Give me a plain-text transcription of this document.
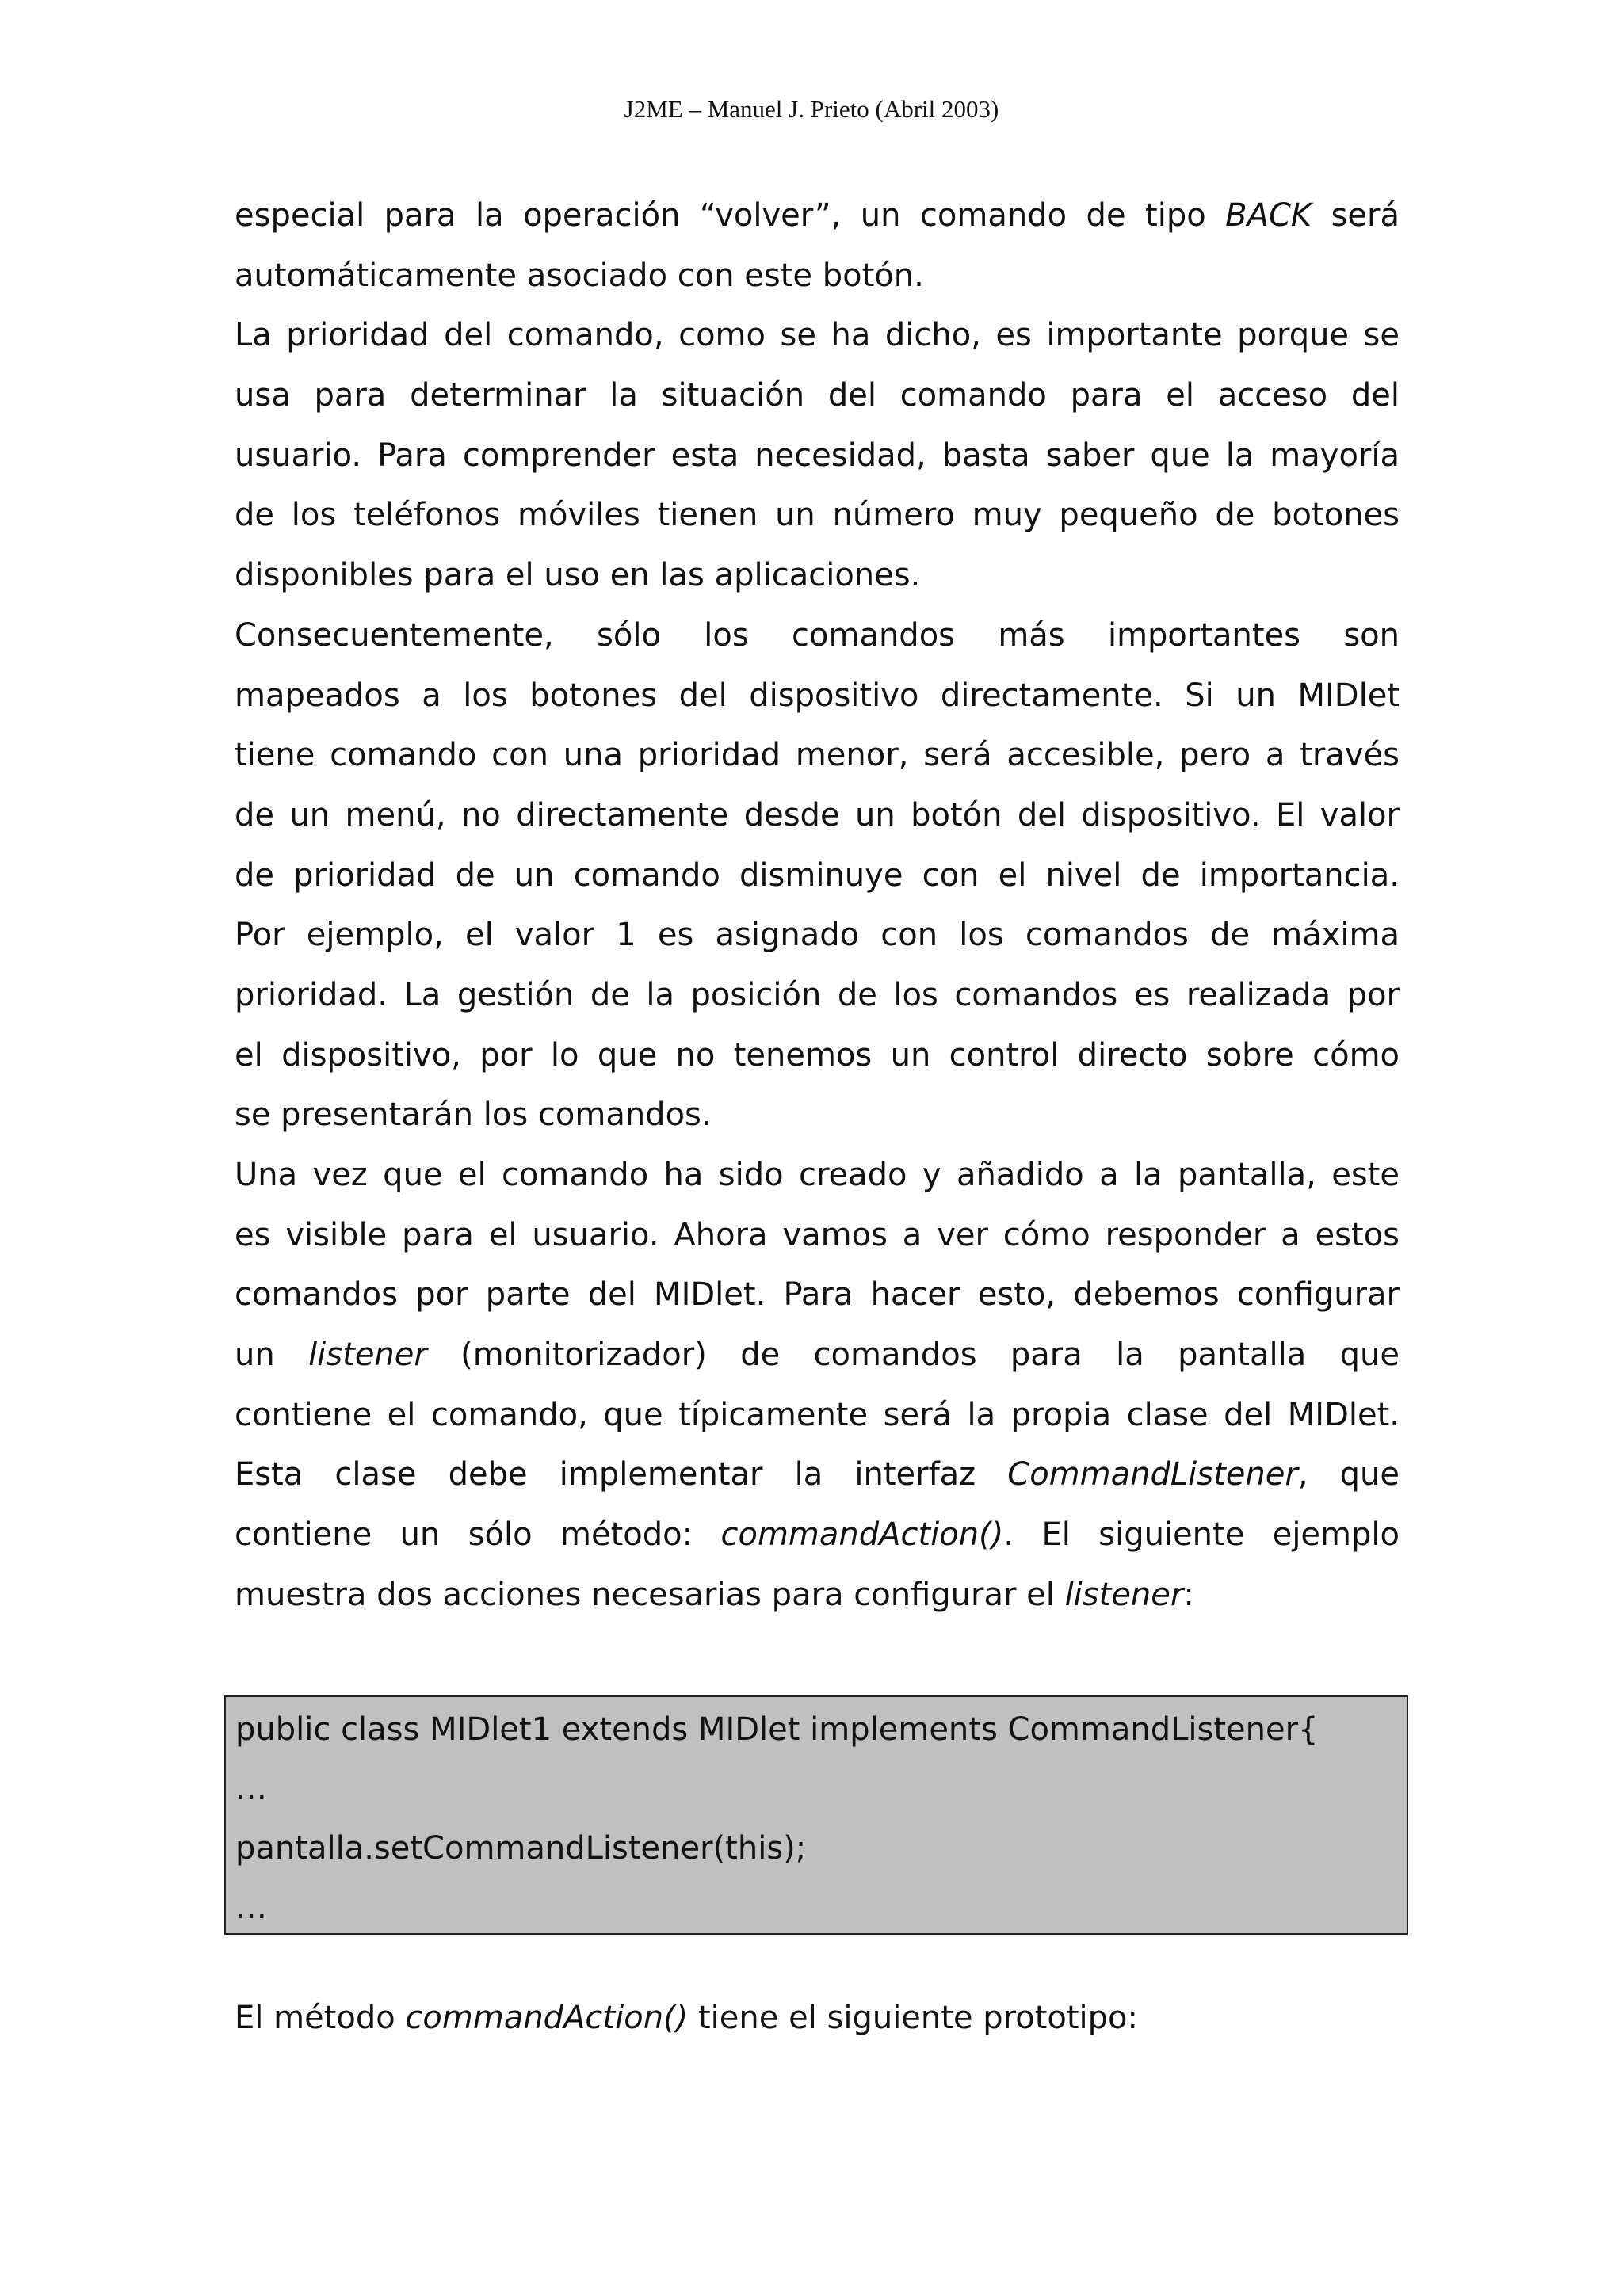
J2ME – Manuel J. Prieto (Abril 2003)
especial para la operación “volver”, un comando de tipo BACK será
automáticamente asociado con este botón.
La prioridad del comando, como se ha dicho, es importante porque se
usa para determinar la situación del comando para el acceso del
usuario. Para comprender esta necesidad, basta saber que la mayoría
de los teléfonos móviles tienen un número muy pequeño de botones
disponibles para el uso en las aplicaciones.
Consecuentemente, sólo los comandos más importantes son
mapeados a los botones del dispositivo directamente. Si un MIDlet
tiene comando con una prioridad menor, será accesible, pero a través
de un menú, no directamente desde un botón del dispositivo. El valor
de prioridad de un comando disminuye con el nivel de importancia.
Por ejemplo, el valor 1 es asignado con los comandos de máxima
prioridad. La gestión de la posición de los comandos es realizada por
el dispositivo, por lo que no tenemos un control directo sobre cómo
se presentarán los comandos.
Una vez que el comando ha sido creado y añadido a la pantalla, este
es visible para el usuario. Ahora vamos a ver cómo responder a estos
comandos por parte del MIDlet. Para hacer esto, debemos configurar
un listener (monitorizador) de comandos para la pantalla que
contiene el comando, que típicamente será la propia clase del MIDlet.
Esta clase debe implementar la interfaz CommandListener, que
contiene un sólo método: commandAction(). El siguiente ejemplo
muestra dos acciones necesarias para configurar el listener:
public class MIDlet1 extends MIDlet implements CommandListener{
…
pantalla.setCommandListener(this);
…
El método commandAction() tiene el siguiente prototipo:
